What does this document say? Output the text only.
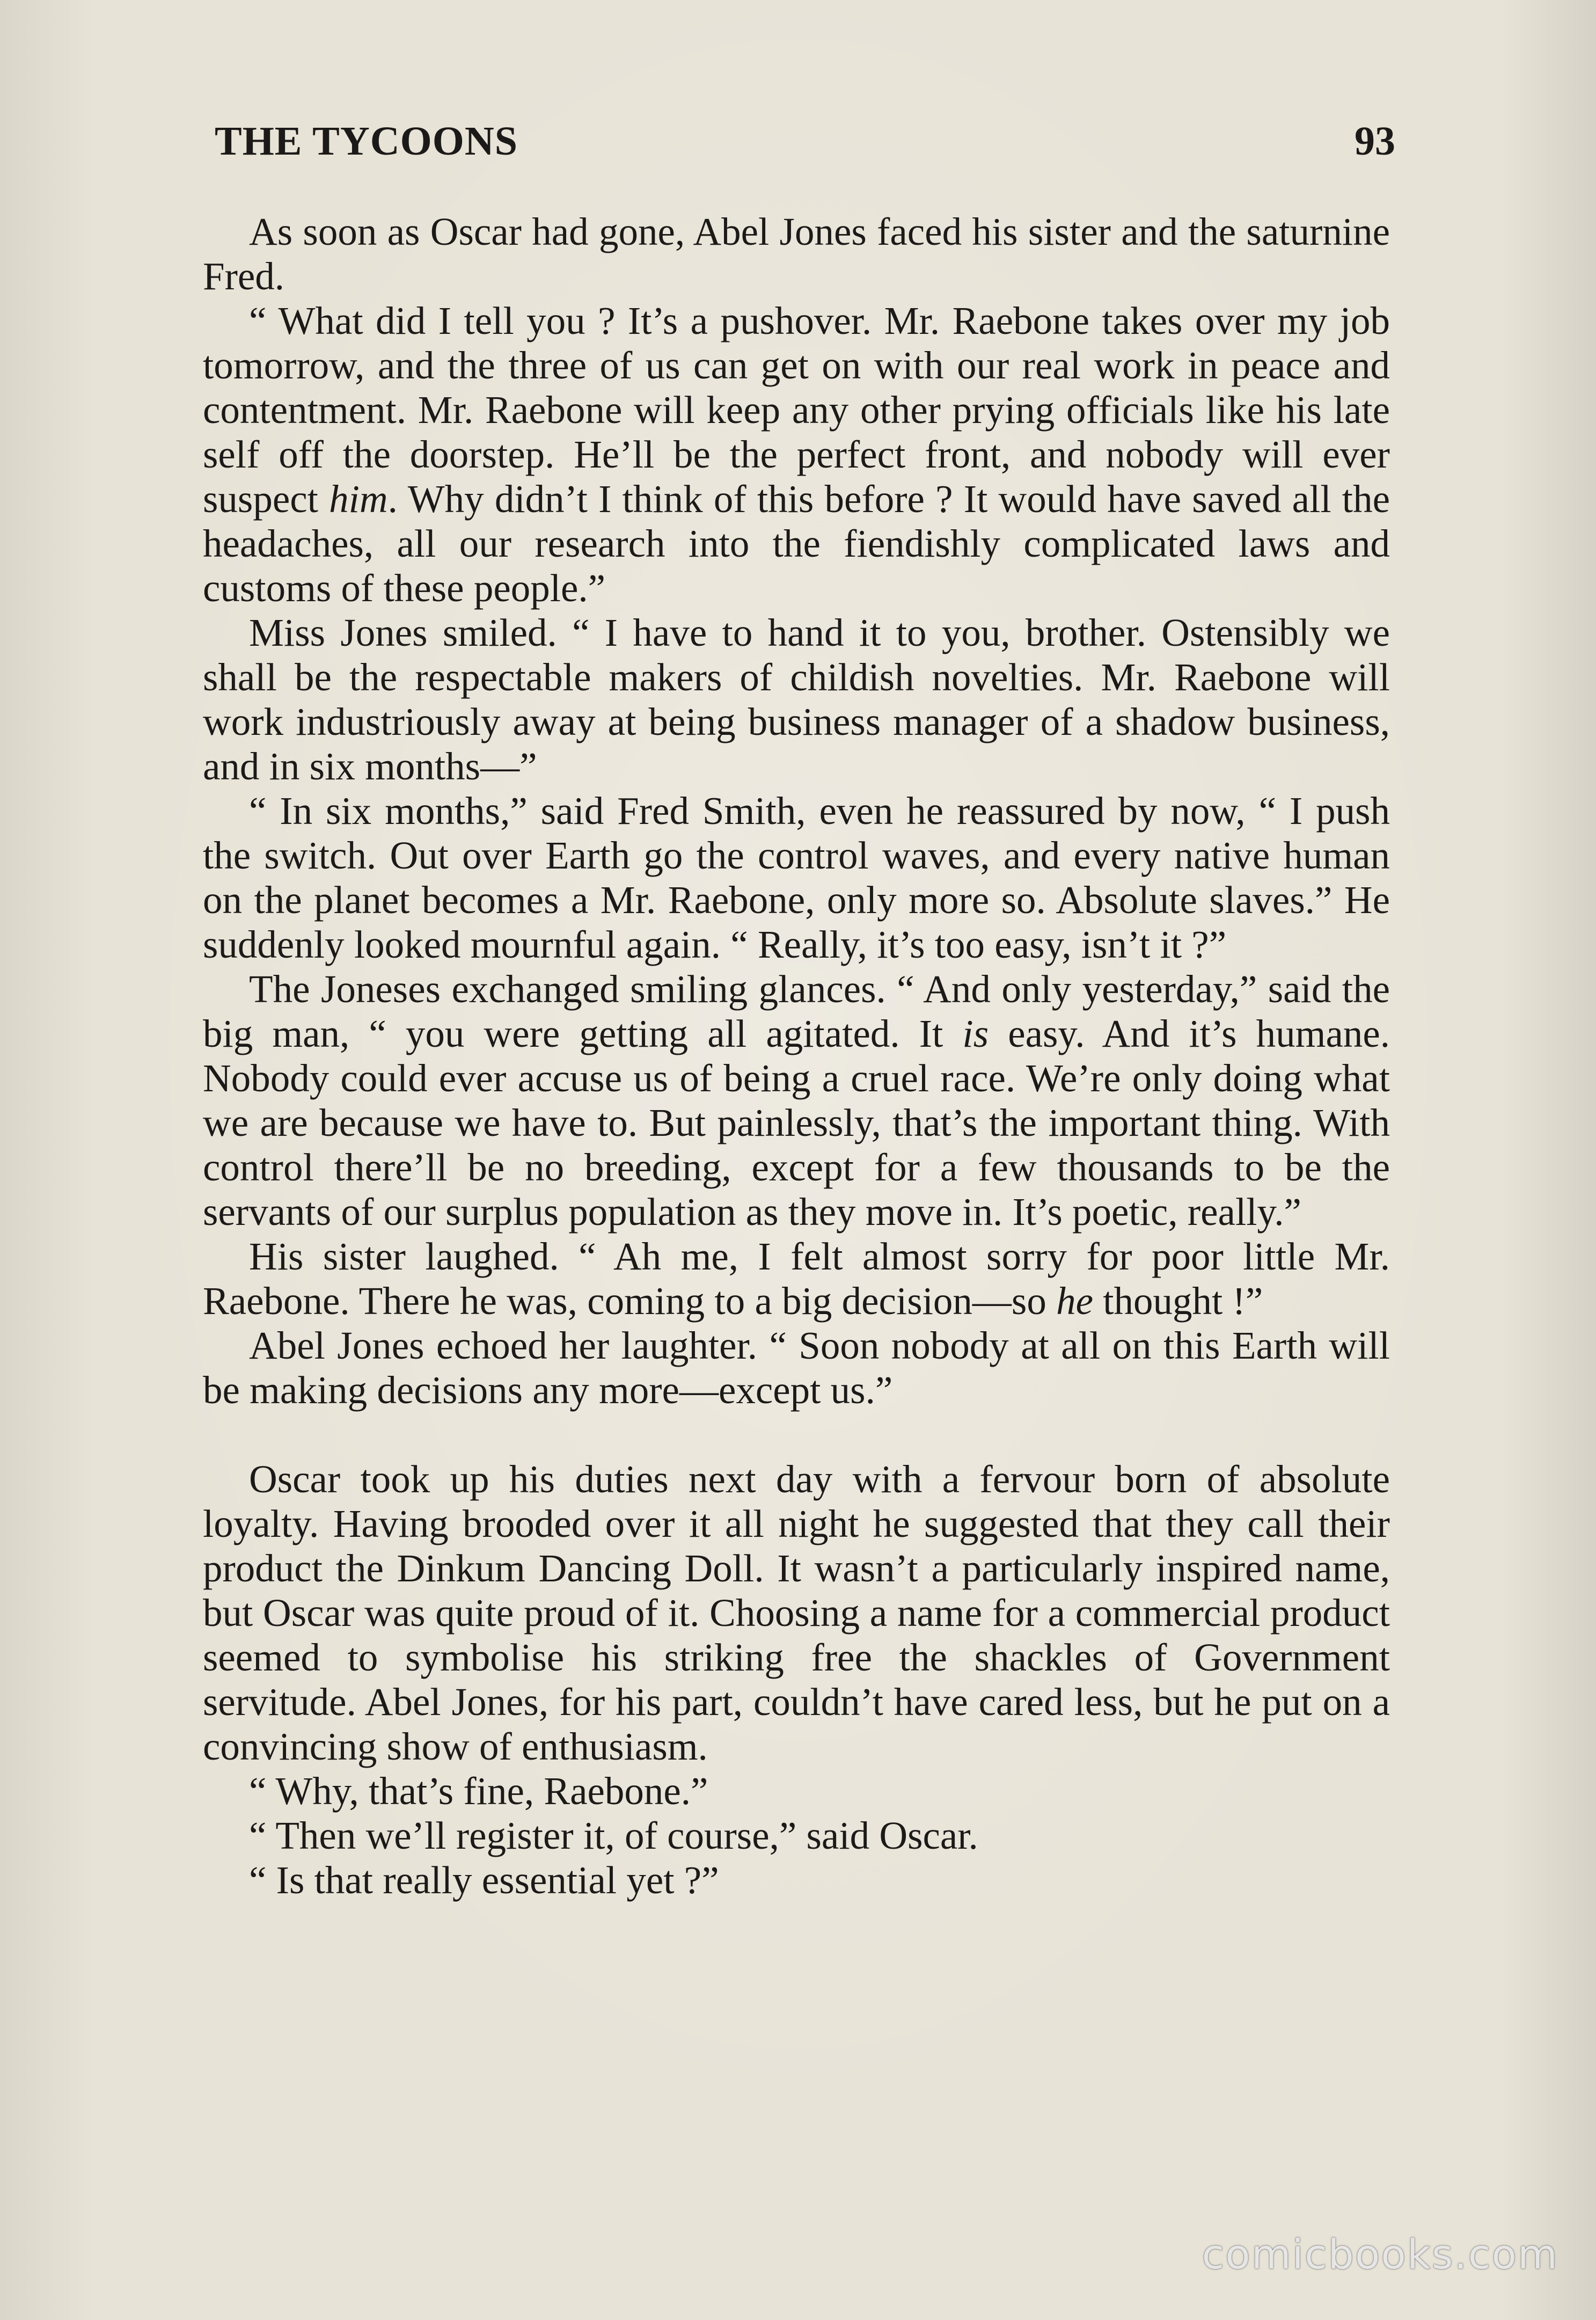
THE TYCOONS	93

As soon as Oscar had gone, Abel Jones faced his sister and the saturnine Fred.

“ What did I tell you ? It’s a pushover. Mr. Raebone takes over my job tomorrow, and the three of us can get on with our real work in peace and contentment. Mr. Raebone will keep any other prying officials like his late self off the doorstep. He’ll be the perfect front, and nobody will ever suspect him. Why didn’t I think of this before ? It would have saved all the headaches, all our research into the fiendishly complicated laws and customs of these people.”

Miss Jones smiled. “ I have to hand it to you, brother. Ostensibly we shall be the respectable makers of childish novelties. Mr. Raebone will work industriously away at being business manager of a shadow business, and in six months—”

“ In six months,” said Fred Smith, even he reassured by now, “ I push the switch. Out over Earth go the control waves, and every native human on the planet becomes a Mr. Raebone, only more so. Absolute slaves.” He suddenly looked mournful again. “ Really, it’s too easy, isn’t it ?”

The Joneses exchanged smiling glances. “ And only yesterday,” said the big man, “ you were getting all agitated. It is easy. And it’s humane. Nobody could ever accuse us of being a cruel race. We’re only doing what we are because we have to. But painlessly, that’s the important thing. With control there’ll be no breeding, except for a few thousands to be the servants of our surplus population as they move in. It’s poetic, really.”

His sister laughed. “ Ah me, I felt almost sorry for poor little Mr. Raebone. There he was, coming to a big decision—so he thought !”

Abel Jones echoed her laughter. “ Soon nobody at all on this Earth will be making decisions any more—except us.”

Oscar took up his duties next day with a fervour born of absolute loyalty. Having brooded over it all night he suggested that they call their product the Dinkum Dancing Doll. It wasn’t a particularly inspired name, but Oscar was quite proud of it. Choosing a name for a commercial product seemed to symbolise his striking free the shackles of Government servitude. Abel Jones, for his part, couldn’t have cared less, but he put on a convincing show of enthusiasm.

“ Why, that’s fine, Raebone.”

“ Then we’ll register it, of course,” said Oscar.

“ Is that really essential yet ?”

comicbooks.com
